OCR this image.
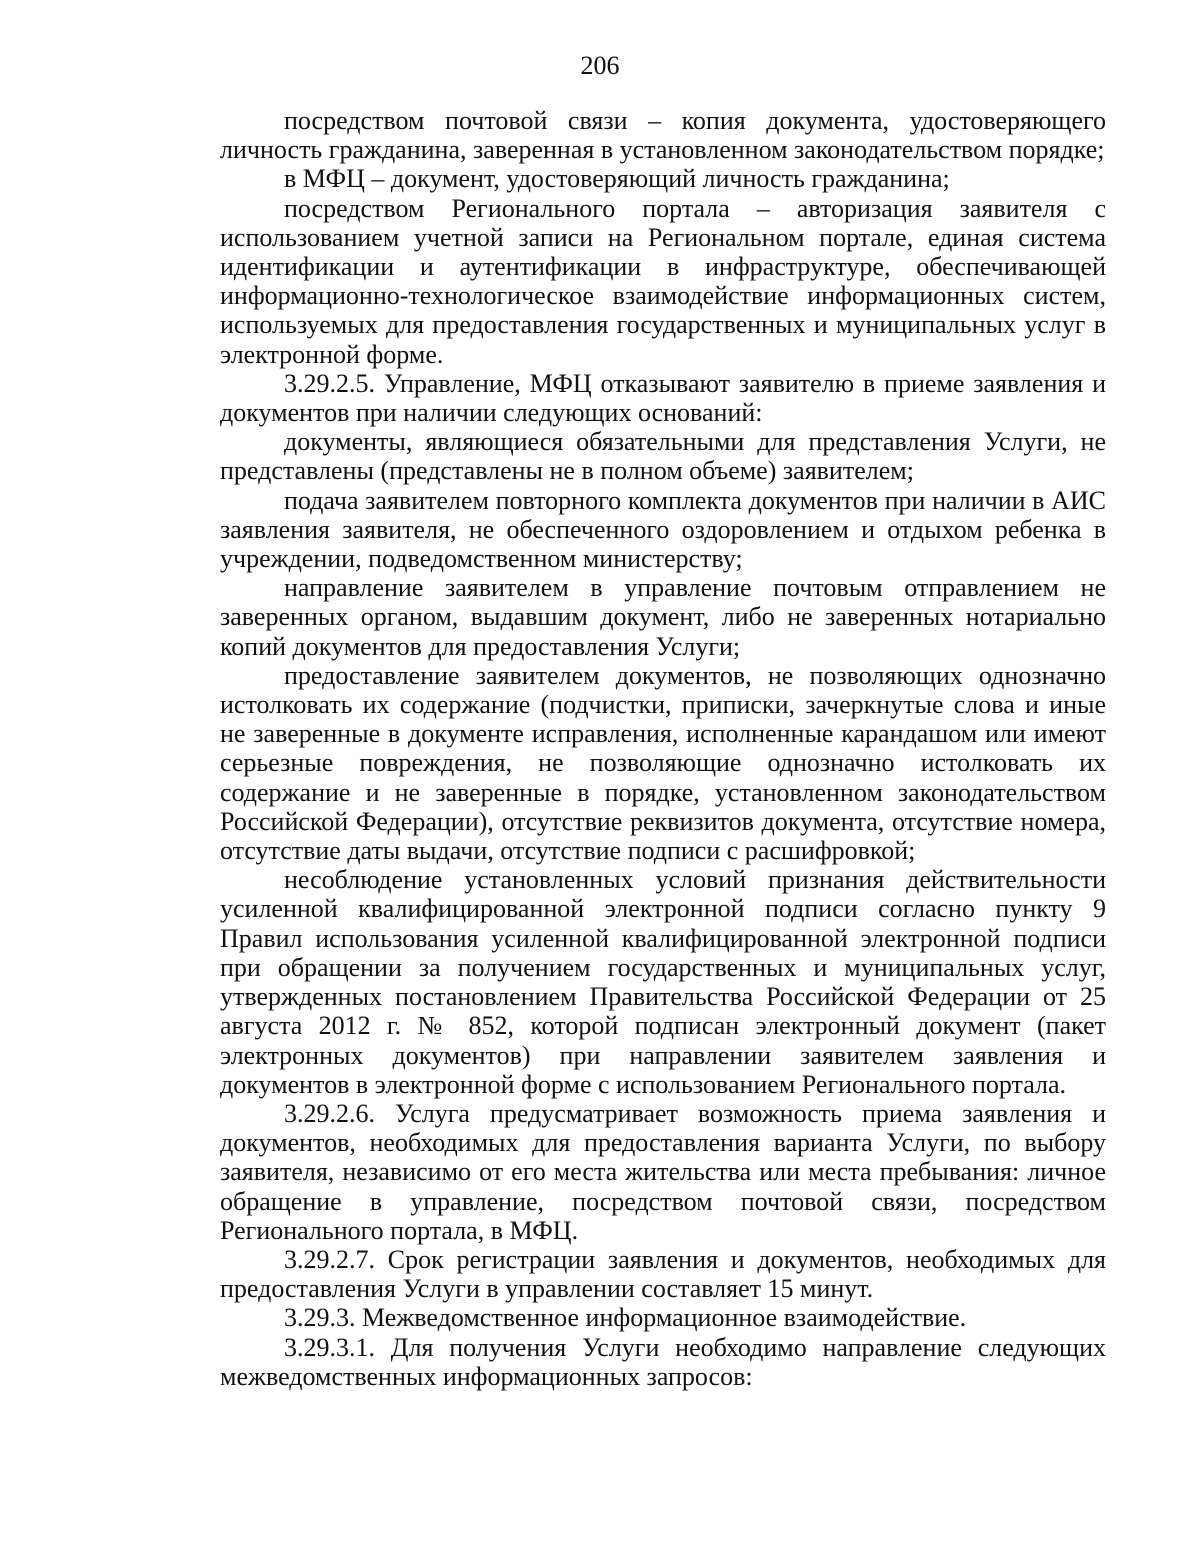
206

посредством почтовой связи – копия документа, удостоверяющего личность гражданина, заверенная в установленном законодательством порядке;

в МФЦ – документ, удостоверяющий личность гражданина;

посредством Регионального портала – авторизация заявителя с использованием учетной записи на Региональном портале, единая система идентификации и аутентификации в инфраструктуре, обеспечивающей информационно-технологическое взаимодействие информационных систем, используемых для предоставления государственных и муниципальных услуг в электронной форме.

3.29.2.5. Управление, МФЦ отказывают заявителю в приеме заявления и документов при наличии следующих оснований:

документы, являющиеся обязательными для представления Услуги, не представлены (представлены не в полном объеме) заявителем;

подача заявителем повторного комплекта документов при наличии в АИС заявления заявителя, не обеспеченного оздоровлением и отдыхом ребенка в учреждении, подведомственном министерству;

направление заявителем в управление почтовым отправлением не заверенных органом, выдавшим документ, либо не заверенных нотариально копий документов для предоставления Услуги;

предоставление заявителем документов, не позволяющих однозначно истолковать их содержание (подчистки, приписки, зачеркнутые слова и иные не заверенные в документе исправления, исполненные карандашом или имеют серьезные повреждения, не позволяющие однозначно истолковать их содержание и не заверенные в порядке, установленном законодательством Российской Федерации), отсутствие реквизитов документа, отсутствие номера, отсутствие даты выдачи, отсутствие подписи с расшифровкой;

несоблюдение установленных условий признания действительности усиленной квалифицированной электронной подписи согласно пункту 9 Правил использования усиленной квалифицированной электронной подписи при обращении за получением государственных и муниципальных услуг, утвержденных постановлением Правительства Российской Федерации от 25 августа 2012 г. № 852, которой подписан электронный документ (пакет электронных документов) при направлении заявителем заявления и документов в электронной форме с использованием Регионального портала.

3.29.2.6. Услуга предусматривает возможность приема заявления и документов, необходимых для предоставления варианта Услуги, по выбору заявителя, независимо от его места жительства или места пребывания: личное обращение в управление, посредством почтовой связи, посредством Регионального портала, в МФЦ.

3.29.2.7. Срок регистрации заявления и документов, необходимых для предоставления Услуги в управлении составляет 15 минут.

3.29.3. Межведомственное информационное взаимодействие.

3.29.3.1. Для получения Услуги необходимо направление следующих межведомственных информационных запросов:
